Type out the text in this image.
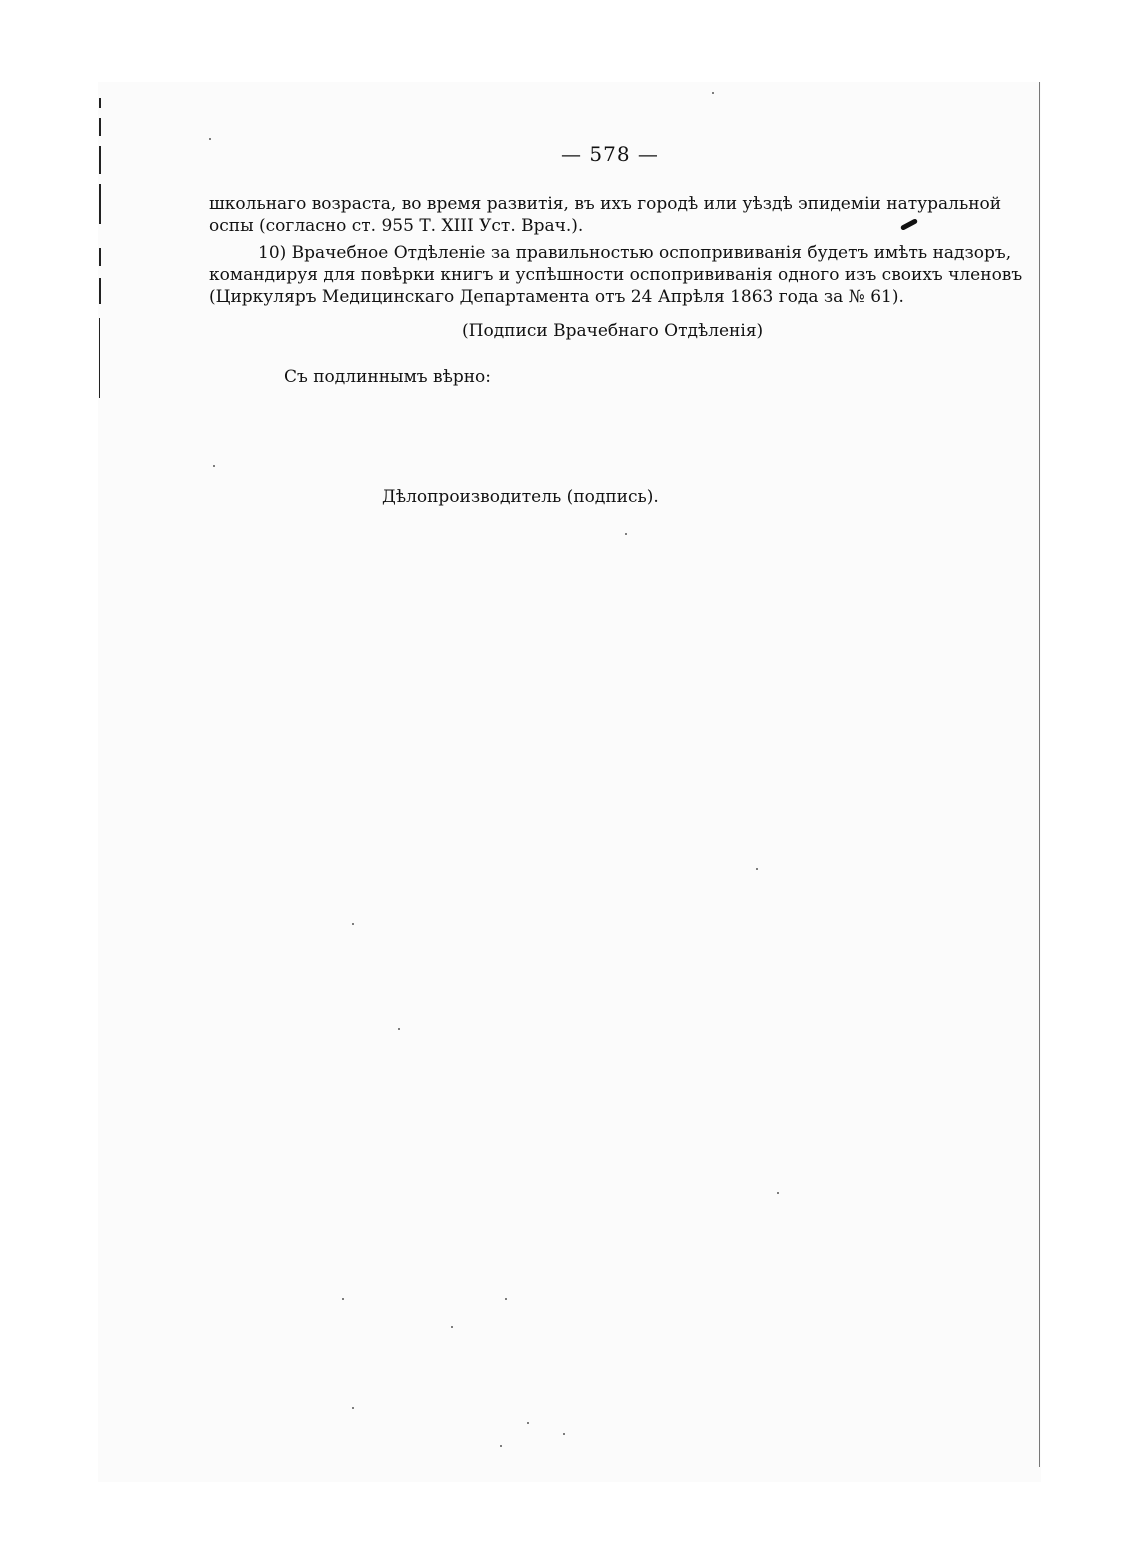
— 578 —
школьнаго возраста, во время развитія, въ ихъ городѣ или уѣздѣ эпидеміи натуральной
оспы (согласно ст. 955 Т. XIII Уст. Врач.).
10) Врачебное Отдѣленіе за правильностью оспопрививанія будетъ имѣть надзоръ,
командируя для повѣрки книгъ и успѣшности оспопрививанія одного изъ своихъ членовъ
(Циркуляръ Медицинскаго Департамента отъ 24 Апрѣля 1863 года за № 61).
(Подписи Врачебнаго Отдѣленія)
Съ подлиннымъ вѣрно:
Дѣлопроизводитель (подпись).
